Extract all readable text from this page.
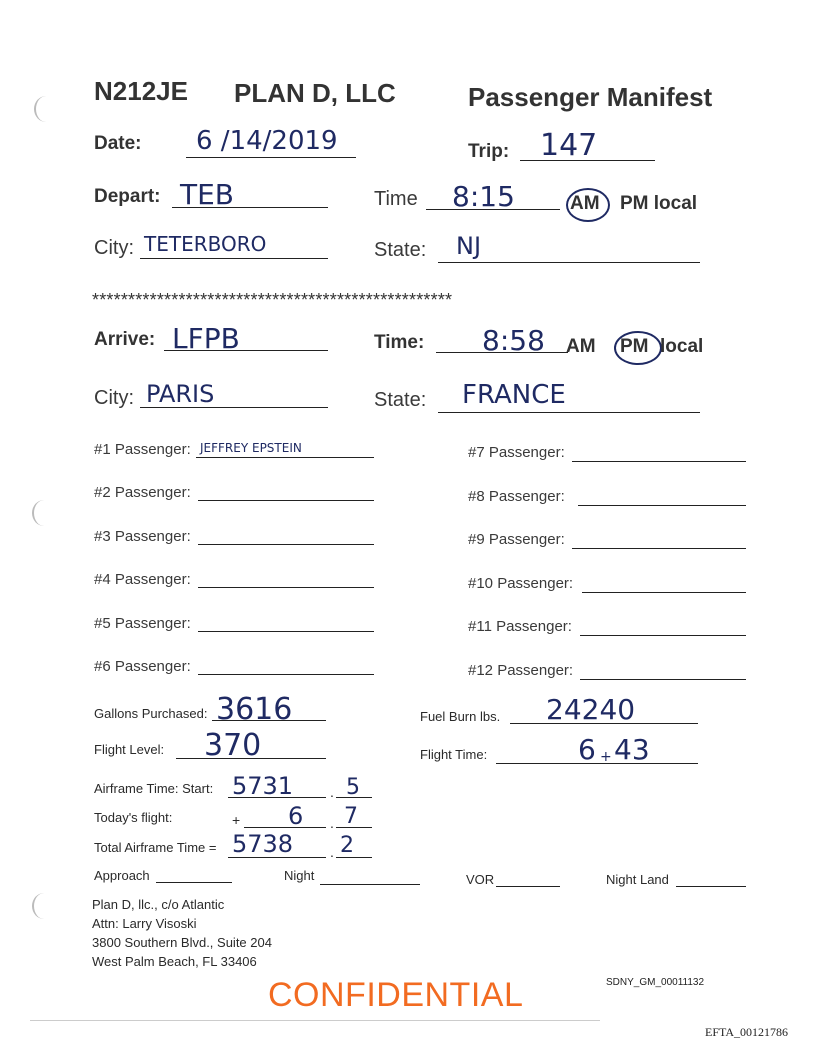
N212JE PLAN D, LLC	Passenger Manifest
Date: 6 /14/2019	Trip: 147
Depart: TEB	Time 8:15	AM PM local
City: TETERBORO	State: NJ
**************************************************
Arrive: LFPB	Time: 8:58 AM PM local
City: PARIS	State: FRANCE
#1 Passenger: JEFFREY EPSTEIN
#2 Passenger:
#3 Passenger:
#4 Passenger:
#5 Passenger:
#6 Passenger:
#7 Passenger:
#8 Passenger:
#9 Passenger:
#10 Passenger:
#11 Passenger:
#12 Passenger:
Gallons Purchased: 3616	Fuel Burn lbs. 24240
Flight Level: 370	Flight Time:	6 + 43
Airframe Time: Start: 5731	. 5
Today's flight:	+ 6 . 7
Total Airframe Time = 5738	. 2
Approach	Night	VOR	Night Land
Plan D, llc., c/o Atlantic
Attn: Larry Visoski
3800 Southern Blvd., Suite 204
West Palm Beach, FL 33406
CONFIDENTIAL	SDNY_GM_00011132
EFTA_00121786
